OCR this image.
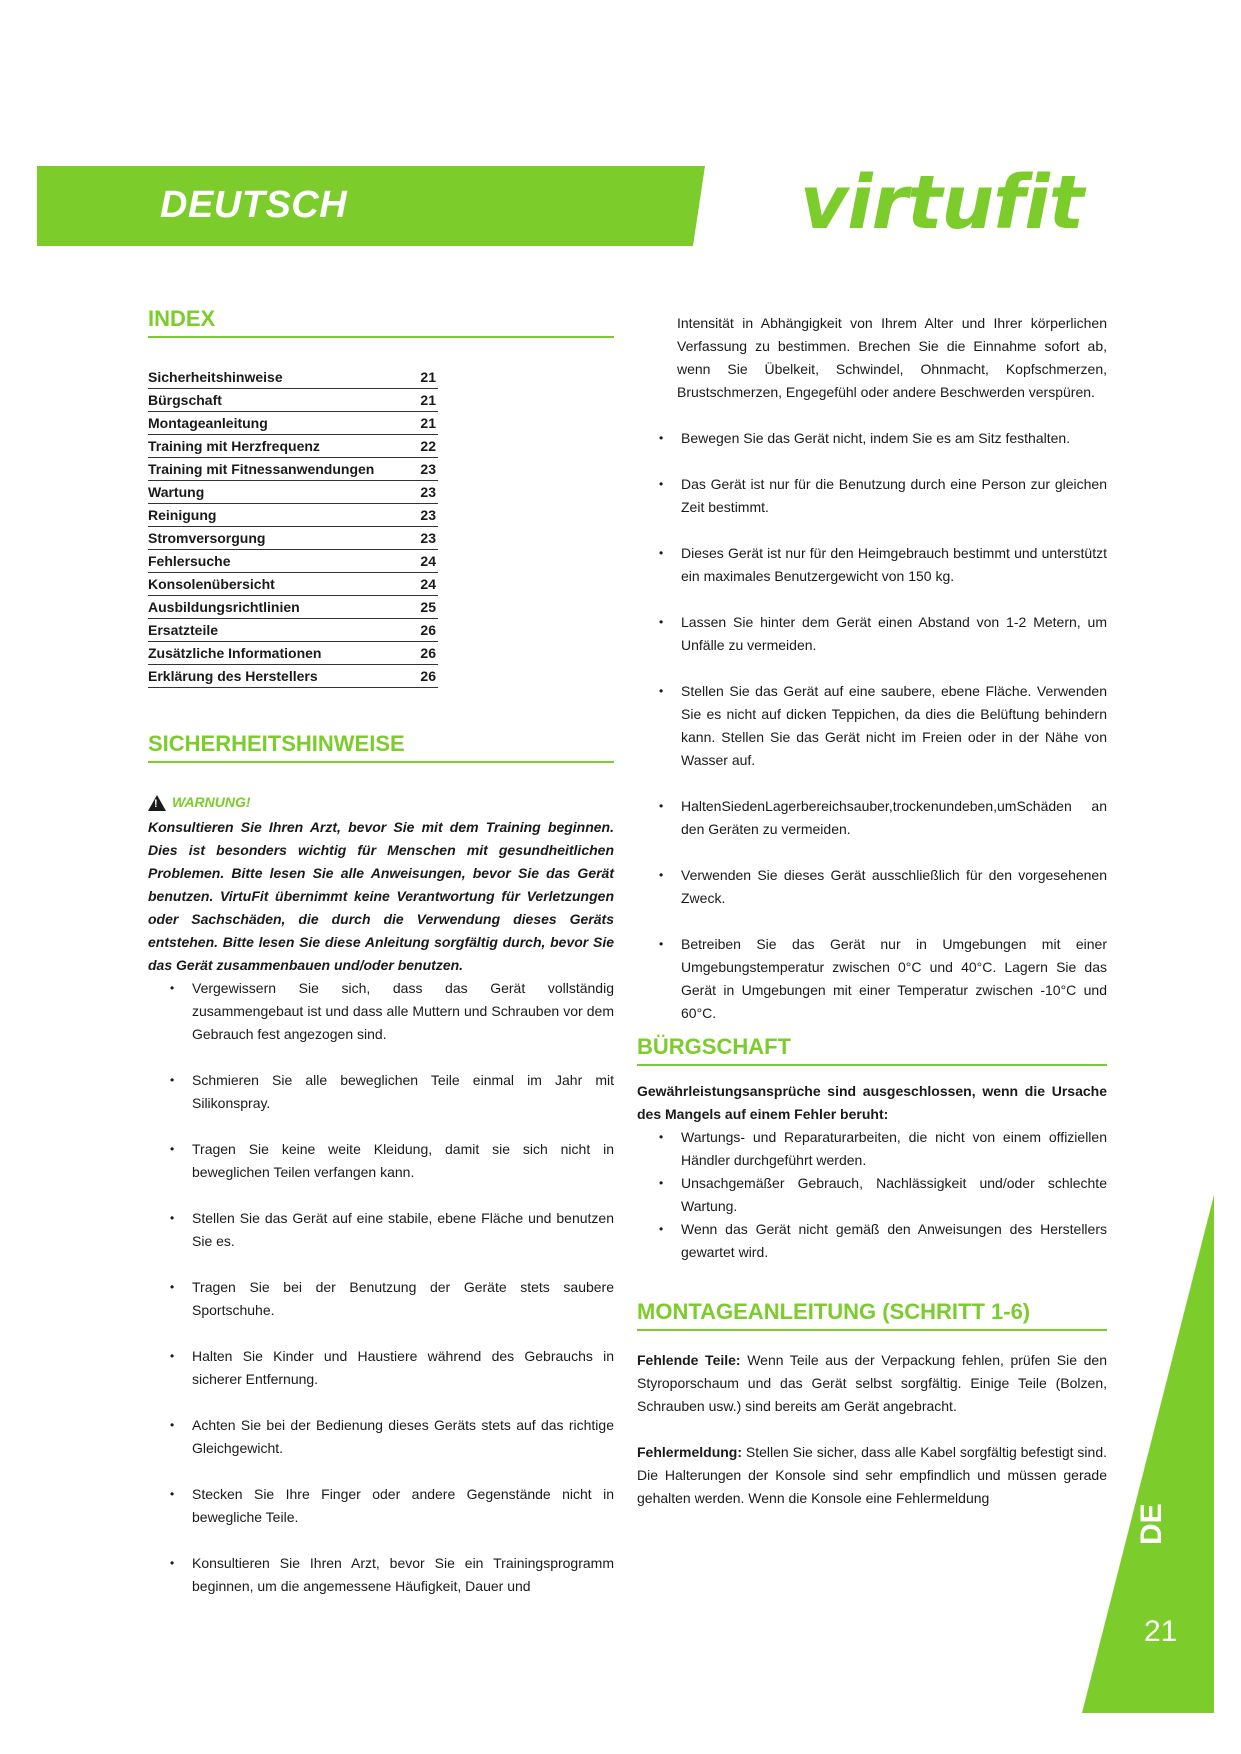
DEUTSCH	virtufit
INDEX
Sicherheitshinweise	21
Bürgschaft	21
Montageanleitung	21
Training mit Herzfrequenz	22
Training mit Fitnessanwendungen	23
Wartung	23
Reinigung	23
Stromversorgung	23
Fehlersuche	24
Konsolenübersicht	24
Ausbildungsrichtlinien	25
Ersatzteile	26
Zusätzliche Informationen	26
Erklärung des Herstellers	26
SICHERHEITSHINWEISE
!
WARNUNG!

Konsultieren Sie Ihren Arzt, bevor Sie mit dem Training beginnen. Dies ist besonders wichtig für Menschen mit gesundheitlichen Problemen. Bitte lesen Sie alle Anweisungen, bevor Sie das Gerät benutzen. VirtuFit übernimmt keine Verantwortung für Verletzungen oder Sachschäden, die durch die Verwendung dieses Geräts entstehen. Bitte lesen Sie diese Anleitung sorgfältig durch, bevor Sie das Gerät zusammenbauen und/oder benutzen.

• Vergewissern Sie sich, dass das Gerät vollständig zusammengebaut ist und dass alle Muttern und Schrauben vor dem Gebrauch fest angezogen sind.
• Schmieren Sie alle beweglichen Teile einmal im Jahr mit Silikonspray.
• Tragen Sie keine weite Kleidung, damit sie sich nicht in beweglichen Teilen verfangen kann.
• Stellen Sie das Gerät auf eine stabile, ebene Fläche und benutzen Sie es.
• Tragen Sie bei der Benutzung der Geräte stets saubere Sportschuhe.
• Halten Sie Kinder und Haustiere während des Gebrauchs in sicherer Entfernung.
• Achten Sie bei der Bedienung dieses Geräts stets auf das richtige Gleichgewicht.
• Stecken Sie Ihre Finger oder andere Gegenstände nicht in bewegliche Teile.
• Konsultieren Sie Ihren Arzt, bevor Sie ein Trainingsprogramm beginnen, um die angemessene Häufigkeit, Dauer und

Intensität in Abhängigkeit von Ihrem Alter und Ihrer körperlichen Verfassung zu bestimmen. Brechen Sie die Einnahme sofort ab, wenn Sie Übelkeit, Schwindel, Ohnmacht, Kopfschmerzen, Brustschmerzen, Engegefühl oder andere Beschwerden verspüren.

• Bewegen Sie das Gerät nicht, indem Sie es am Sitz festhalten.
• Das Gerät ist nur für die Benutzung durch eine Person zur gleichen Zeit bestimmt.
• Dieses Gerät ist nur für den Heimgebrauch bestimmt und unterstützt ein maximales Benutzergewicht von 150 kg.
• Lassen Sie hinter dem Gerät einen Abstand von 1-2 Metern, um Unfälle zu vermeiden.
• Stellen Sie das Gerät auf eine saubere, ebene Fläche. Verwenden Sie es nicht auf dicken Teppichen, da dies die Belüftung behindern kann. Stellen Sie das Gerät nicht im Freien oder in der Nähe von Wasser auf.
• HaltenSiedenLagerbereichsauber,trockenundeben,umSchäden an den Geräten zu vermeiden.
• Verwenden Sie dieses Gerät ausschließlich für den vorgesehenen Zweck.
• Betreiben Sie das Gerät nur in Umgebungen mit einer Umgebungstemperatur zwischen 0°C und 40°C. Lagern Sie das Gerät in Umgebungen mit einer Temperatur zwischen -10°C und 60°C.
BÜRGSCHAFT

Gewährleistungsansprüche sind ausgeschlossen, wenn die Ursache des Mangels auf einem Fehler beruht:

• Wartungs- und Reparaturarbeiten, die nicht von einem offiziellen Händler durchgeführt werden.
• Unsachgemäßer Gebrauch, Nachlässigkeit und/oder schlechte Wartung.
• Wenn das Gerät nicht gemäß den Anweisungen des Herstellers gewartet wird.
MONTAGEANLEITUNG (SCHRITT 1-6)

Fehlende Teile: Wenn Teile aus der Verpackung fehlen, prüfen Sie den Styroporschaum und das Gerät selbst sorgfältig. Einige Teile (Bolzen, Schrauben usw.) sind bereits am Gerät angebracht.

Fehlermeldung: Stellen Sie sicher, dass alle Kabel sorgfältig befestigt sind. Die Halterungen der Konsole sind sehr empfindlich und müssen gerade gehalten werden. Wenn die Konsole eine Fehlermeldung

DE
21
